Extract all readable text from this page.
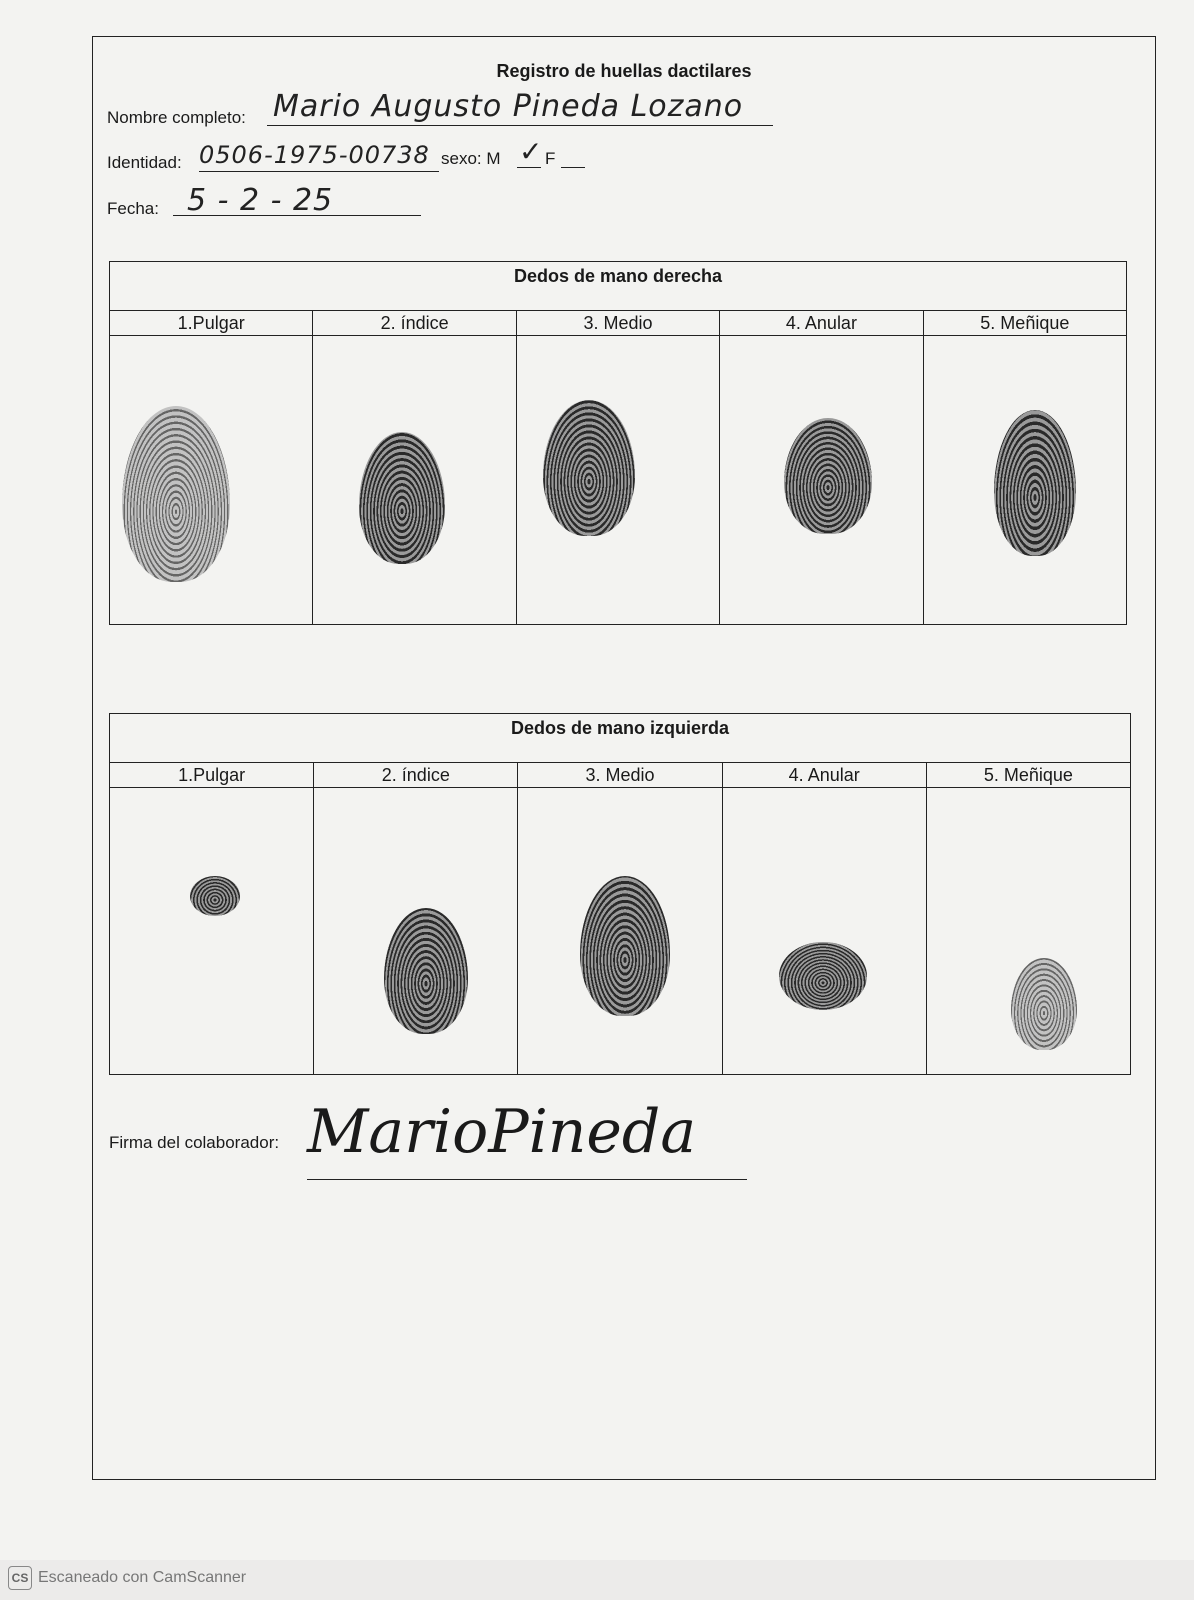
Registro de huellas dactilares
Nombre completo: Mario Augusto Pineda Lozano
Identidad: 0506-1975-00738 sexo: M ✓ F
Fecha: 5 - 2 - 25
Dedos de mano derecha
1.Pulgar	2. índice	3. Medio	4. Anular	5. Meñique
Dedos de mano izquierda
1.Pulgar	2. índice	3. Medio	4. Anular	5. Meñique
Firma del colaborador: MarioPineda
CS Escaneado con CamScanner
